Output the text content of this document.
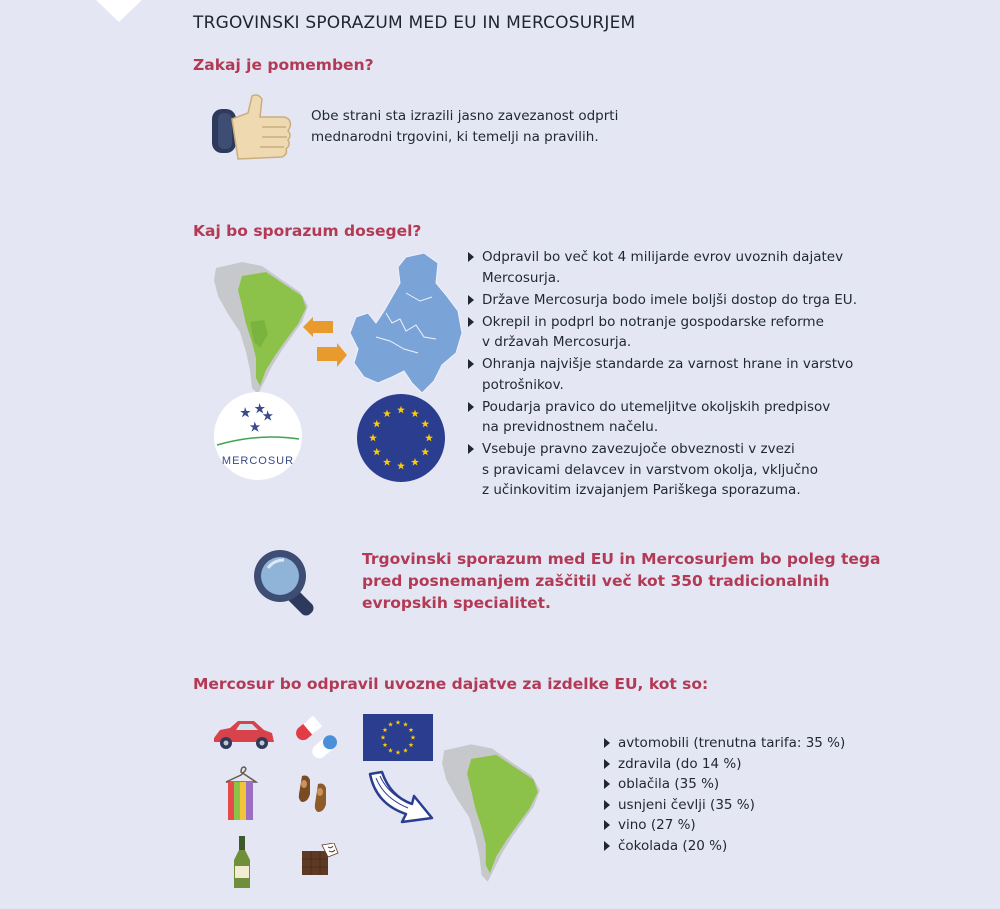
TRGOVINSKI SPORAZUM MED EU IN MERCOSURJEM
Zakaj je pomemben?
Obe strani sta izrazili jasno zavezanost odprti
mednarodni trgovini, ki temelji na pravilih.
Kaj bo sporazum dosegel?
MERCOSUR
Odpravil bo več kot 4 milijarde evrov uvoznih dajatev
Mercosurja.
Države Mercosurja bodo imele boljši dostop do trga EU.
Okrepil in podprl bo notranje gospodarske reforme
v državah Mercosurja.
Ohranja najvišje standarde za varnost hrane in varstvo
potrošnikov.
Poudarja pravico do utemeljitve okoljskih predpisov
na previdnostnem načelu.
Vsebuje pravno zavezujoče obveznosti v zvezi
s pravicami delavcev in varstvom okolja, vključno
z učinkovitim izvajanjem Pariškega sporazuma.
Trgovinski sporazum med EU in Mercosurjem bo poleg tega
pred posnemanjem zaščitil več kot 350 tradicionalnih
evropskih specialitet.
Mercosur bo odpravil uvozne dajatve za izdelke EU, kot so:
avtomobili (trenutna tarifa: 35 %)
zdravila (do 14 %)
oblačila (35 %)
usnjeni čevlji (35 %)
vino (27 %)
čokolada (20 %)
